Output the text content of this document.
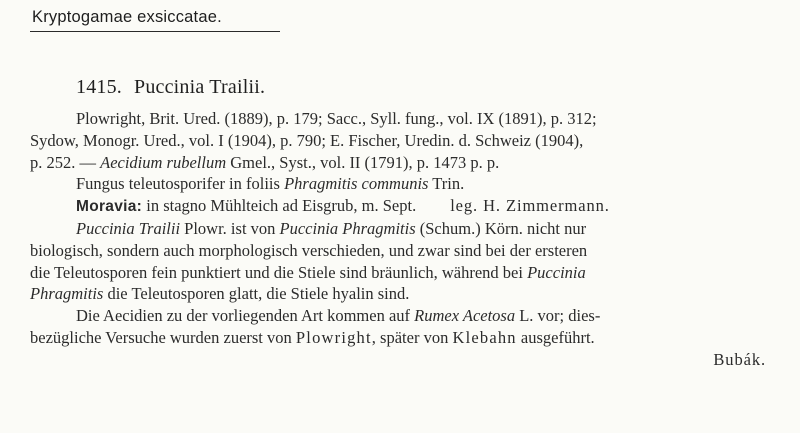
Kryptogamae exsiccatae.
1415. Puccinia Trailii.
Plowright, Brit. Ured. (1889), p. 179; Sacc., Syll. fung., vol. IX (1891), p. 312;
Sydow, Monogr. Ured., vol. I (1904), p. 790; E. Fischer, Uredin. d. Schweiz (1904),
p. 252. — Aecidium rubellum Gmel., Syst., vol. II (1791), p. 1473 p. p.
Fungus teleutosporifer in foliis Phragmitis communis Trin.
Moravia: in stagno Mühlteich ad Eisgrub, m. Sept. leg. H. Zimmermann.
Puccinia Trailii Plowr. ist von Puccinia Phragmitis (Schum.) Körn. nicht nur
biologisch, sondern auch morphologisch verschieden, und zwar sind bei der ersteren
die Teleutosporen fein punktiert und die Stiele sind bräunlich, während bei Puccinia
Phragmitis die Teleutosporen glatt, die Stiele hyalin sind.
Die Aecidien zu der vorliegenden Art kommen auf Rumex Acetosa L. vor; dies-
bezügliche Versuche wurden zuerst von Plowright, später von Klebahn ausgeführt.
Bubák.
